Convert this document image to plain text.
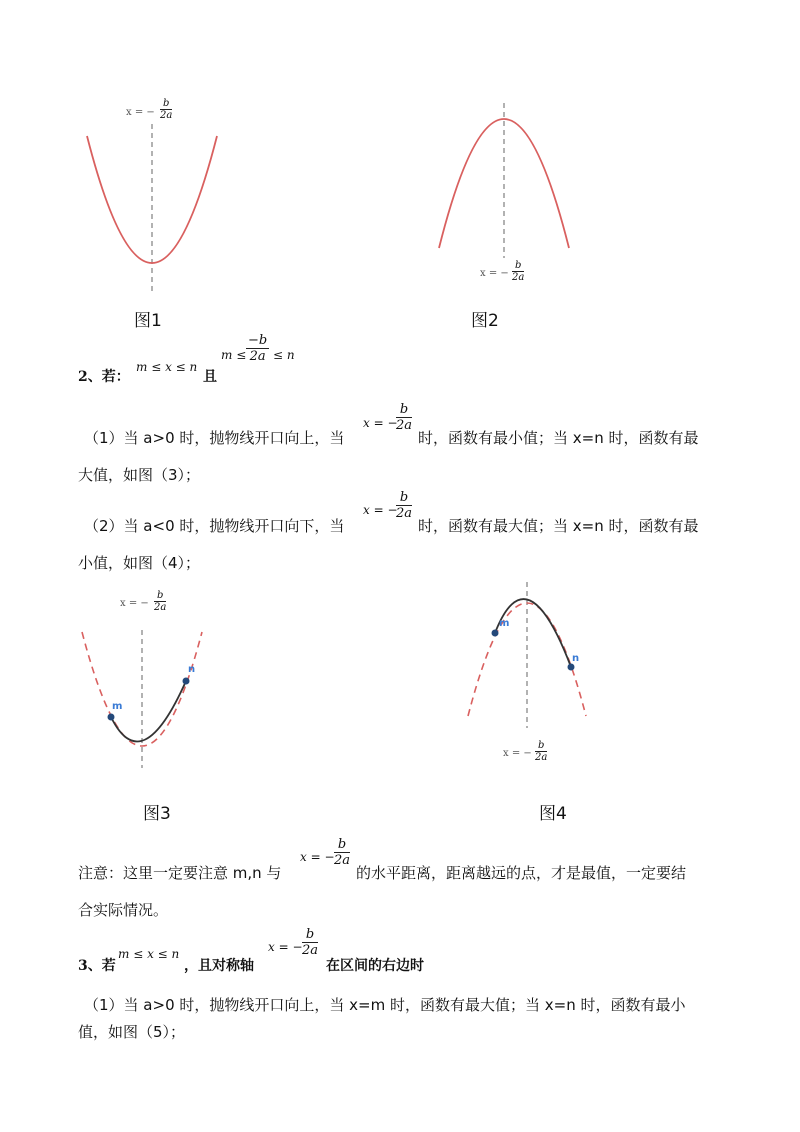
x = − $\frac{b}{2a}$
图1
x = − $\frac{b}{2a}$
图2
2、若：
m ≤ x ≤ n
且
$m \le \frac{-b}{2a} \le n$
（1）当 a>0 时，抛物线开口向上，当
x = −
$\frac{b}{2a}$
时，函数有最小值；当 x=n 时，函数有最
大值，如图（3）；
（2）当 a<0 时，抛物线开口向下，当
x = −
$\frac{b}{2a}$
时，函数有最大值；当 x=n 时，函数有最
小值，如图（4）；
x = − $\frac{b}{2a}$
m
n
图3
m
n
x = − $\frac{b}{2a}$
图4
注意：这里一定要注意 m,n 与
x = − $\frac{b}{2a}$
的水平距离，距离越远的点，才是最值，一定要结
合实际情况。
3、若
m ≤ x ≤ n
，且对称轴
x = − $\frac{b}{2a}$
在区间的右边时
（1）当 a>0 时，抛物线开口向上，当 x=m 时，函数有最大值；当 x=n 时，函数有最小
值，如图（5）；
